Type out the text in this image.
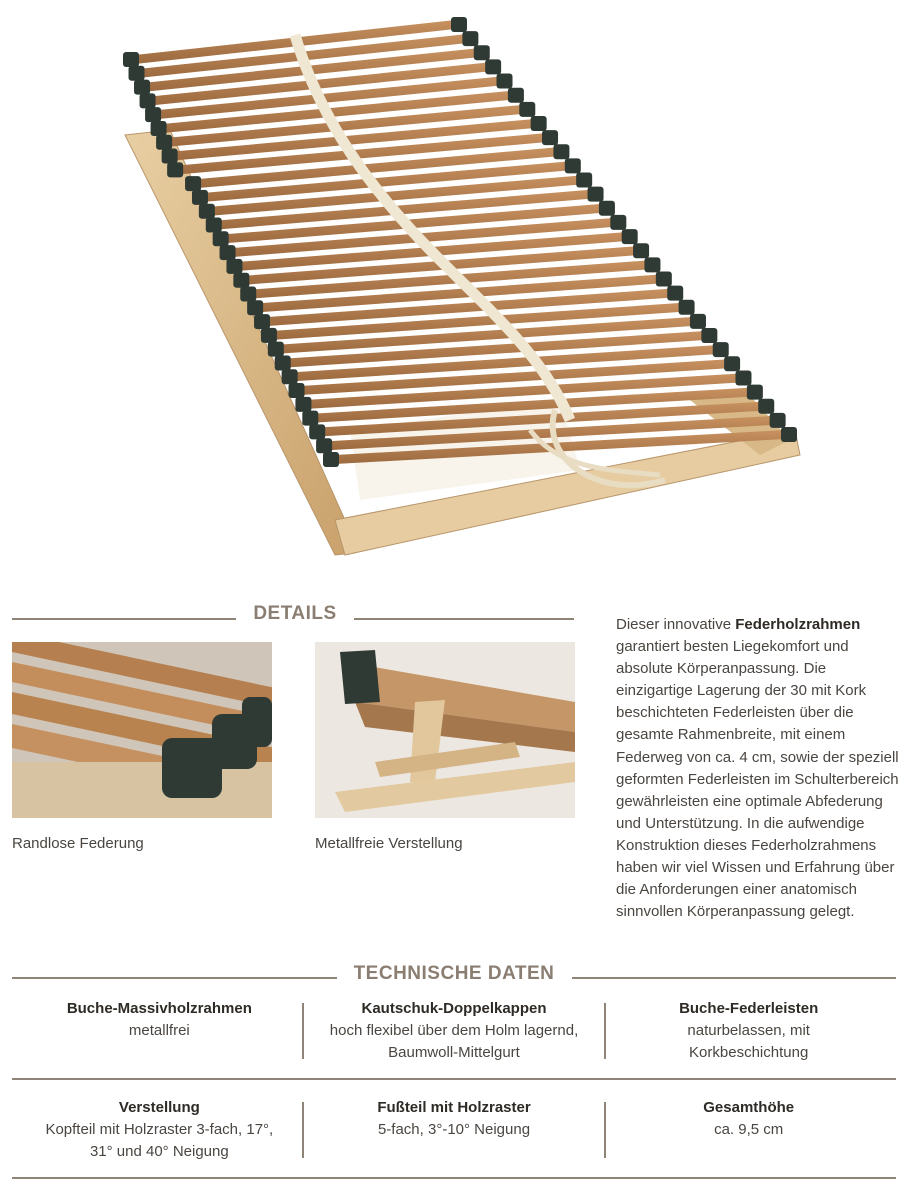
DETAILS
Randlose Federung	Metallfreie Verstellung
Dieser innovative Federholzrahmen garantiert besten Liegekomfort und absolute Körperanpassung. Die einzigartige Lagerung der 30 mit Kork beschichteten Federleisten über die gesamte Rahmenbreite, mit einem Federweg von ca. 4 cm, sowie der speziell geformten Federleisten im Schulterbereich gewährleisten eine optimale Abfederung und Unterstützung. In die aufwendige Konstruktion dieses Federholzrahmens haben wir viel Wissen und Erfahrung über die Anforderungen einer anatomisch sinnvollen Körperanpassung gelegt.
TECHNISCHE DATEN
Buche-Massivholzrahmen
metallfrei
Kautschuk-Doppelkappen
hoch flexibel über dem Holm lagernd,
Baumwoll-Mittelgurt
Buche-Federleisten
naturbelassen, mit
Korkbeschichtung
Verstellung
Kopfteil mit Holzraster 3-fach, 17°,
31° und 40° Neigung
Fußteil mit Holzraster
5-fach, 3°-10° Neigung
Gesamthöhe
ca. 9,5 cm
